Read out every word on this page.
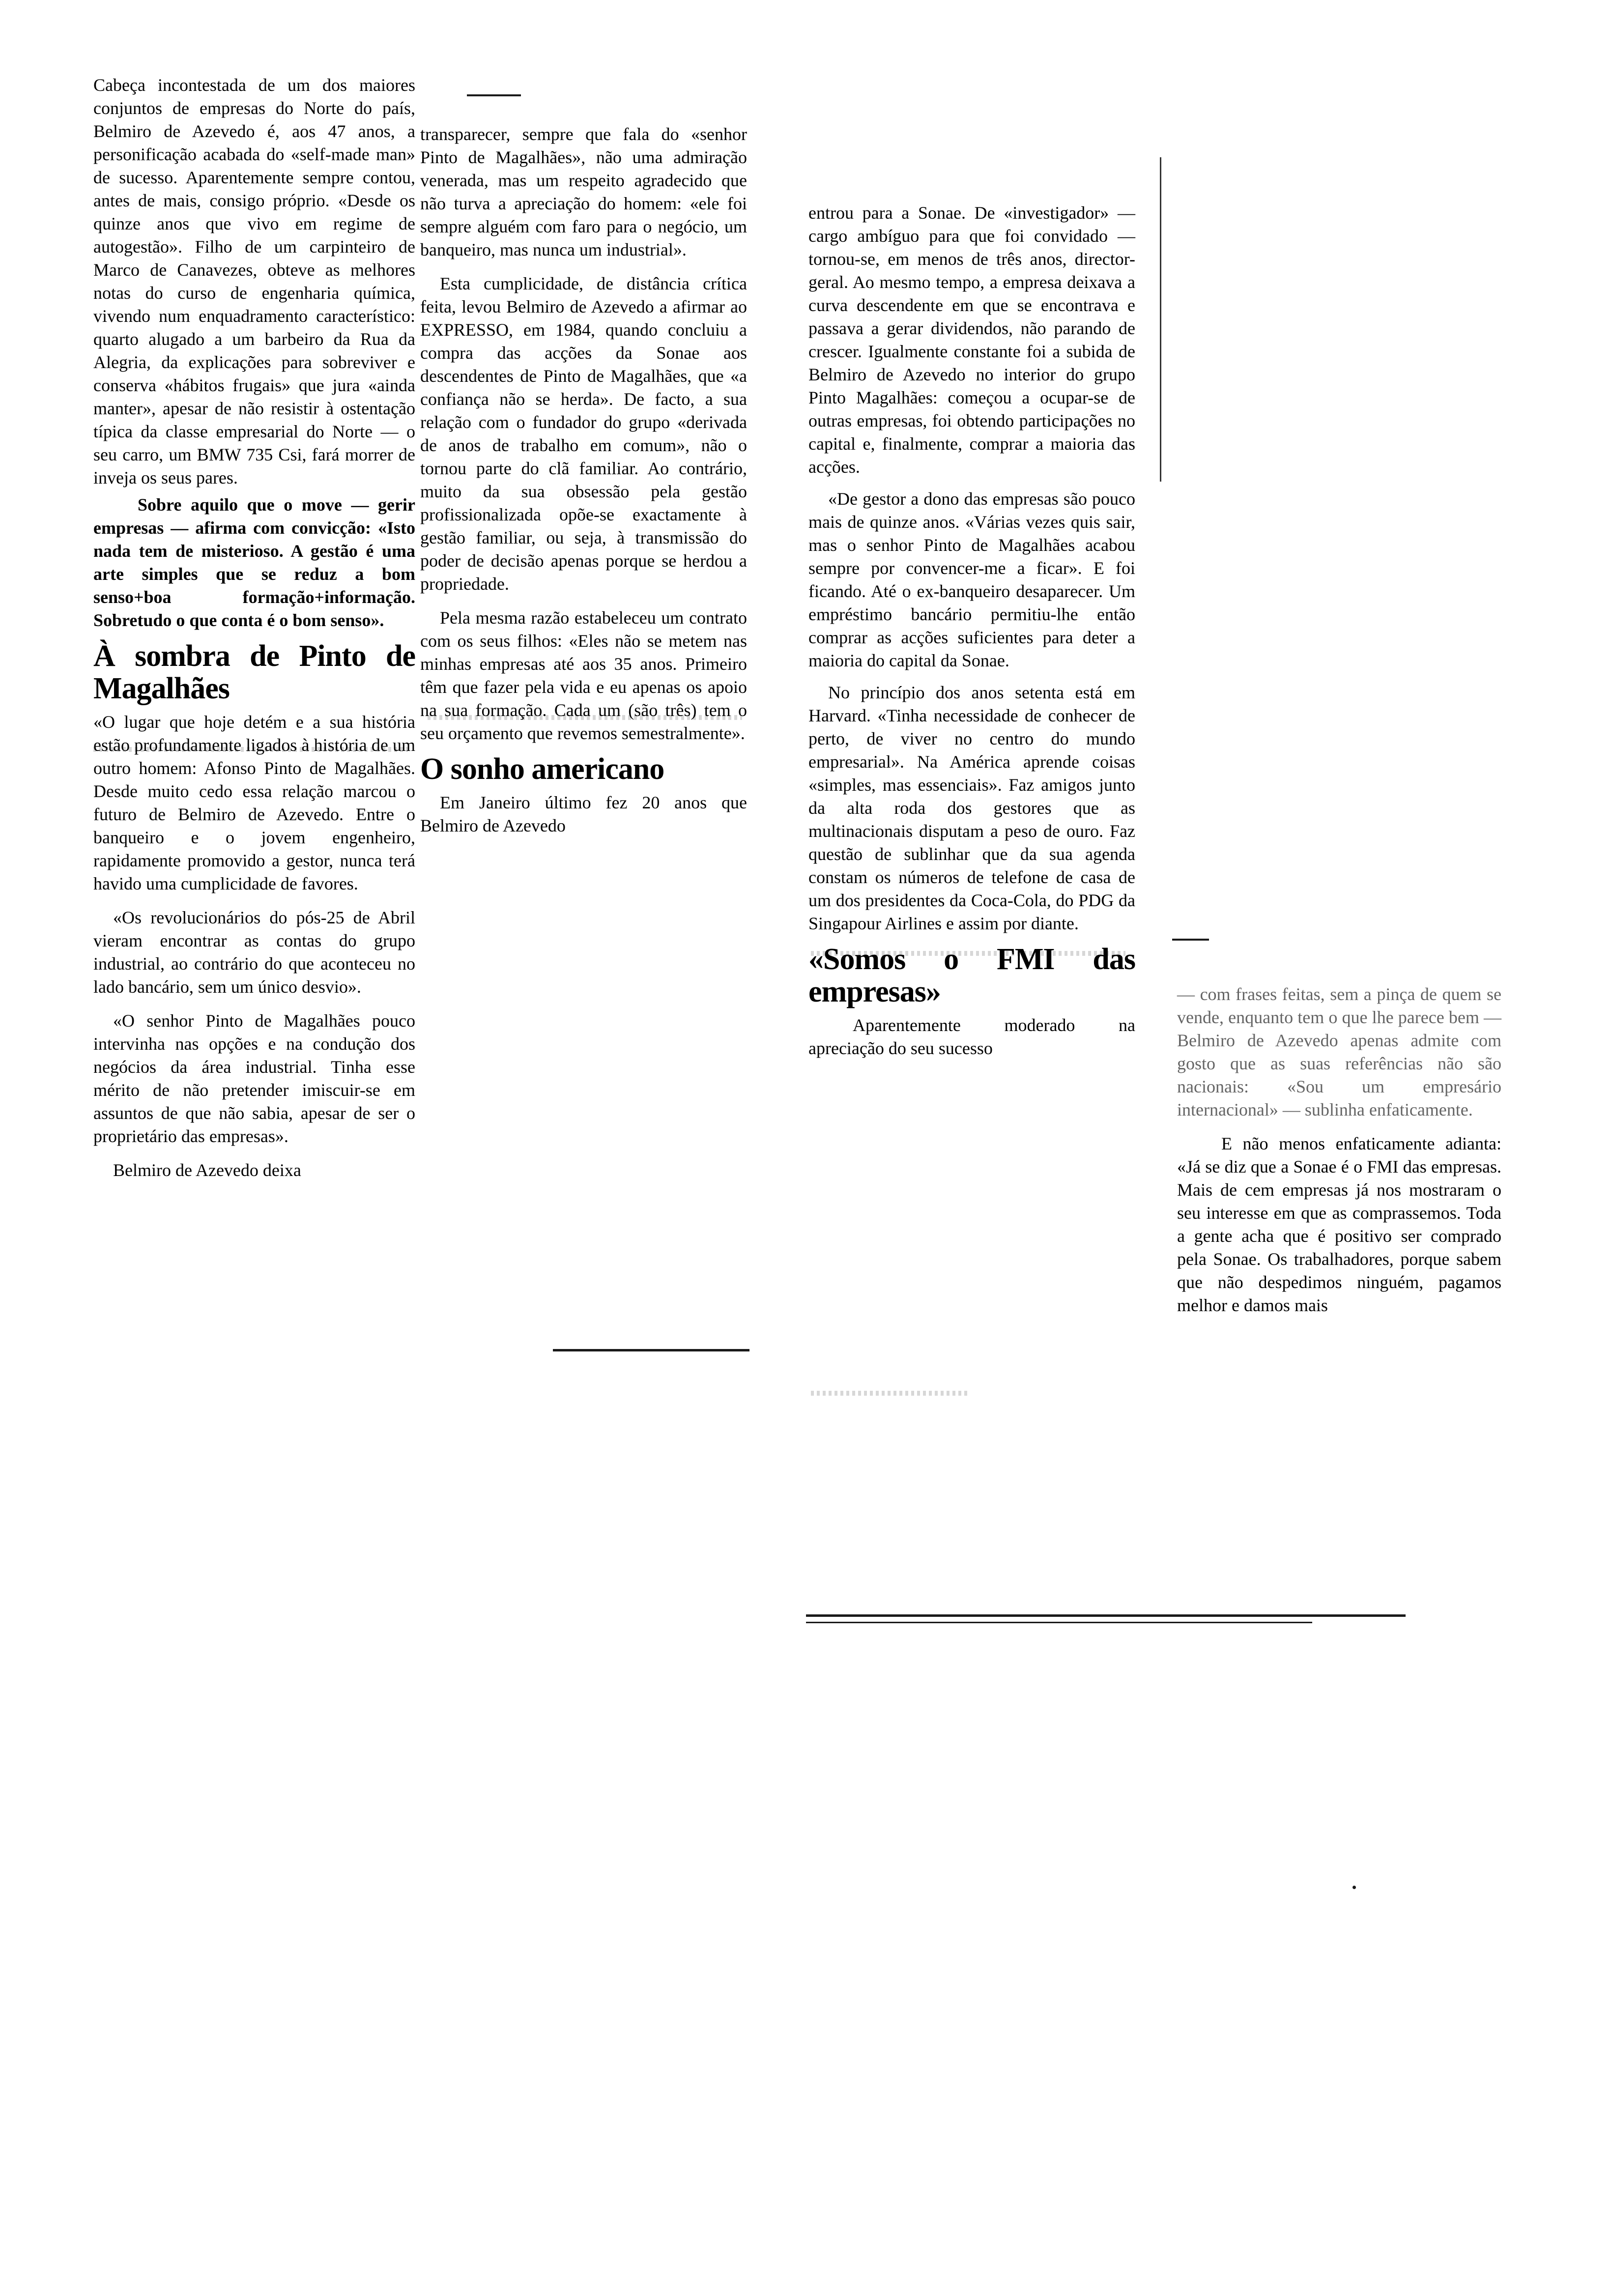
Cabeça incontestada de um dos maiores conjuntos de empresas do Norte do país, Belmiro de Azevedo é, aos 47 anos, a personificação acabada do «self-made man» de sucesso. Aparentemente sempre contou, antes de mais, consigo próprio. «Desde os quinze anos que vivo em regime de autogestão». Filho de um carpinteiro de Marco de Canavezes, obteve as melhores notas do curso de engenharia química, vivendo num enquadramento característico: quarto alugado a um barbeiro da Rua da Alegria, da explicações para sobreviver e conserva «hábitos frugais» que jura «ainda manter», apesar de não resistir à ostentação típica da classe empresarial do Norte — o seu carro, um BMW 735 Csi, fará morrer de inveja os seus pares.

Sobre aquilo que o move — gerir empresas — afirma com convicção: «Isto nada tem de misterioso. A gestão é uma arte simples que se reduz a bom senso+boa formação+informação. Sobretudo o que conta é o bom senso».

À sombra de Pinto de Magalhães

«O lugar que hoje detém e a sua história estão profundamente ligados à história de um outro homem: Afonso Pinto de Magalhães. Desde muito cedo essa relação marcou o futuro de Belmiro de Azevedo. Entre o banqueiro e o jovem engenheiro, rapidamente promovido a gestor, nunca terá havido uma cumplicidade de favores.

«Os revolucionários do pós-25 de Abril vieram encontrar as contas do grupo industrial, ao contrário do que aconteceu no lado bancário, sem um único desvio».

«O senhor Pinto de Magalhães pouco intervinha nas opções e na condução dos negócios da área industrial. Tinha esse mérito de não pretender imiscuir-se em assuntos de que não sabia, apesar de ser o proprietário das empresas».

Belmiro de Azevedo deixa

transparecer, sempre que fala do «senhor Pinto de Magalhães», não uma admiração venerada, mas um respeito agradecido que não turva a apreciação do homem: «ele foi sempre alguém com faro para o negócio, um banqueiro, mas nunca um industrial».

Esta cumplicidade, de distância crítica feita, levou Belmiro de Azevedo a afirmar ao EXPRESSO, em 1984, quando concluiu a compra das acções da Sonae aos descendentes de Pinto de Magalhães, que «a confiança não se herda». De facto, a sua relação com o fundador do grupo «derivada de anos de trabalho em comum», não o tornou parte do clã familiar. Ao contrário, muito da sua obsessão pela gestão profissionalizada opõe-se exactamente à gestão familiar, ou seja, à transmissão do poder de decisão apenas porque se herdou a propriedade.

Pela mesma razão estabeleceu um contrato com os seus filhos: «Eles não se metem nas minhas empresas até aos 35 anos. Primeiro têm que fazer pela vida e eu apenas os apoio na sua formação. Cada um (são três) tem o seu orçamento que revemos semestralmente».

O sonho americano

Em Janeiro último fez 20 anos que Belmiro de Azevedo

entrou para a Sonae. De «investigador» — cargo ambíguo para que foi convidado — tornou-se, em menos de três anos, director-geral. Ao mesmo tempo, a empresa deixava a curva descendente em que se encontrava e passava a gerar dividendos, não parando de crescer. Igualmente constante foi a subida de Belmiro de Azevedo no interior do grupo Pinto Magalhães: começou a ocupar-se de outras empresas, foi obtendo participações no capital e, finalmente, comprar a maioria das acções.

«De gestor a dono das empresas são pouco mais de quinze anos. «Várias vezes quis sair, mas o senhor Pinto de Magalhães acabou sempre por convencer-me a ficar». E foi ficando. Até o ex-banqueiro desaparecer. Um empréstimo bancário permitiu-lhe então comprar as acções suficientes para deter a maioria do capital da Sonae.

No princípio dos anos setenta está em Harvard. «Tinha necessidade de conhecer de perto, de viver no centro do mundo empresarial». Na América aprende coisas «simples, mas essenciais». Faz amigos junto da alta roda dos gestores que as multinacionais disputam a peso de ouro. Faz questão de sublinhar que da sua agenda constam os números de telefone de casa de um dos presidentes da Coca-Cola, do PDG da Singapour Airlines e assim por diante.

«Somos o FMI das empresas»

Aparentemente moderado na apreciação do seu sucesso

— com frases feitas, sem a pinça de quem se vende, enquanto tem o que lhe parece bem — Belmiro de Azevedo apenas admite com gosto que as suas referências não são nacionais: «Sou um empresário internacional» — sublinha enfaticamente.

E não menos enfaticamente adianta: «Já se diz que a Sonae é o FMI das empresas. Mais de cem empresas já nos mostraram o seu interesse em que as comprassemos. Toda a gente acha que é positivo ser comprado pela Sonae. Os trabalhadores, porque sabem que não despedimos ninguém, pagamos melhor e damos mais
